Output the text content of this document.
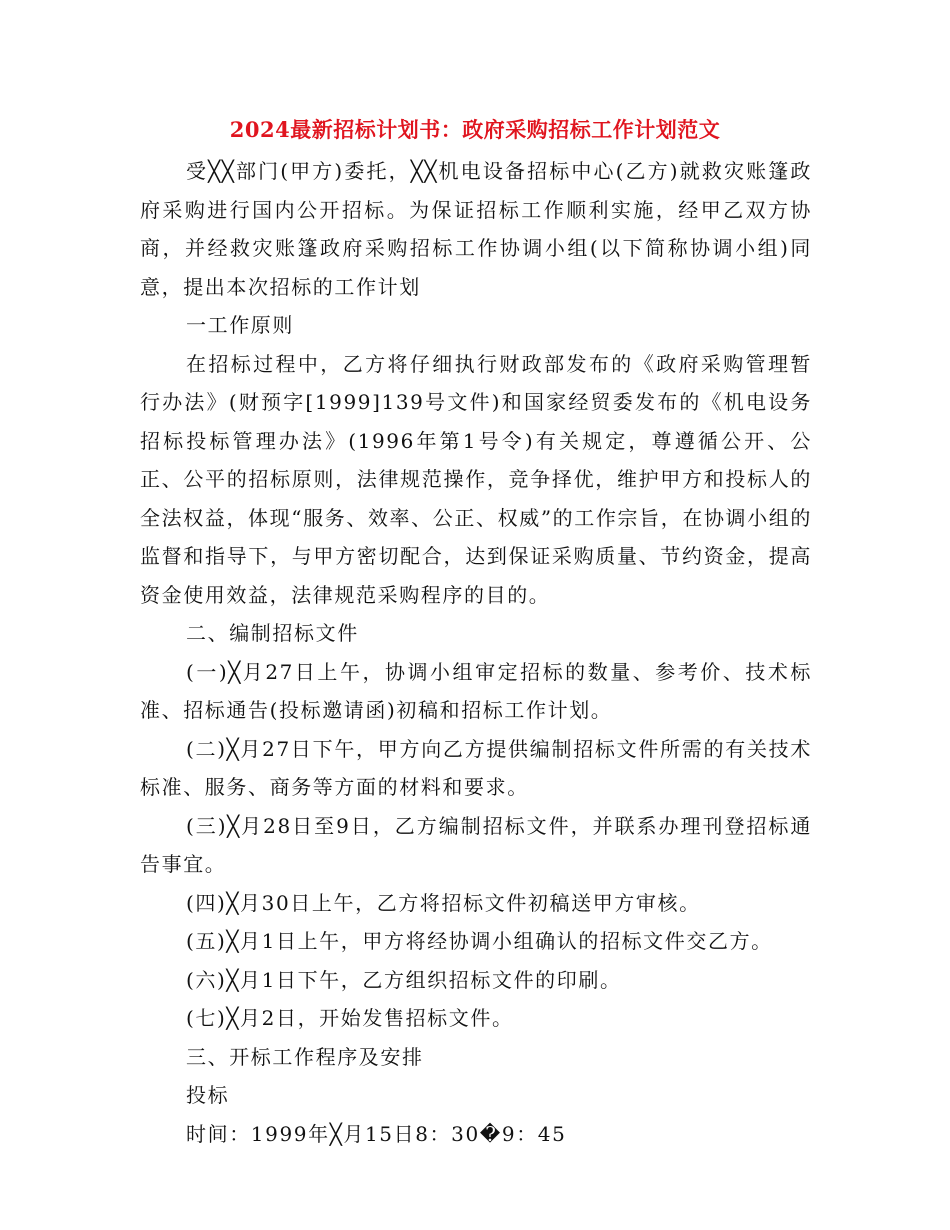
2024最新招标计划书：政府采购招标工作计划范文

受╳╳部门(甲方)委托，╳╳机电设备招标中心(乙方)就救灾账篷政府采购进行国内公开招标。为保证招标工作顺利实施，经甲乙双方协商，并经救灾账篷政府采购招标工作协调小组(以下简称协调小组)同意，提出本次招标的工作计划

一工作原则

在招标过程中，乙方将仔细执行财政部发布的《政府采购管理暂行办法》(财预字[1999]139号文件)和国家经贸委发布的《机电设务招标投标管理办法》(1996年第1号令)有关规定，尊遵循公开、公正、公平的招标原则，法律规范操作，竞争择优，维护甲方和投标人的全法权益，体现“服务、效率、公正、权威”的工作宗旨，在协调小组的监督和指导下，与甲方密切配合，达到保证采购质量、节约资金，提高资金使用效益，法律规范采购程序的目的。

二、编制招标文件

(一)╳月27日上午，协调小组审定招标的数量、参考价、技术标准、招标通告(投标邀请函)初稿和招标工作计划。

(二)╳月27日下午，甲方向乙方提供编制招标文件所需的有关技术标准、服务、商务等方面的材料和要求。

(三)╳月28日至9日，乙方编制招标文件，并联系办理刊登招标通告事宜。

(四)╳月30日上午，乙方将招标文件初稿送甲方审核。

(五)╳月1日上午，甲方将经协调小组确认的招标文件交乙方。

(六)╳月1日下午，乙方组织招标文件的印刷。

(七)╳月2日，开始发售招标文件。

三、开标工作程序及安排

投标

时间：1999年╳月15日8：30�9：45
